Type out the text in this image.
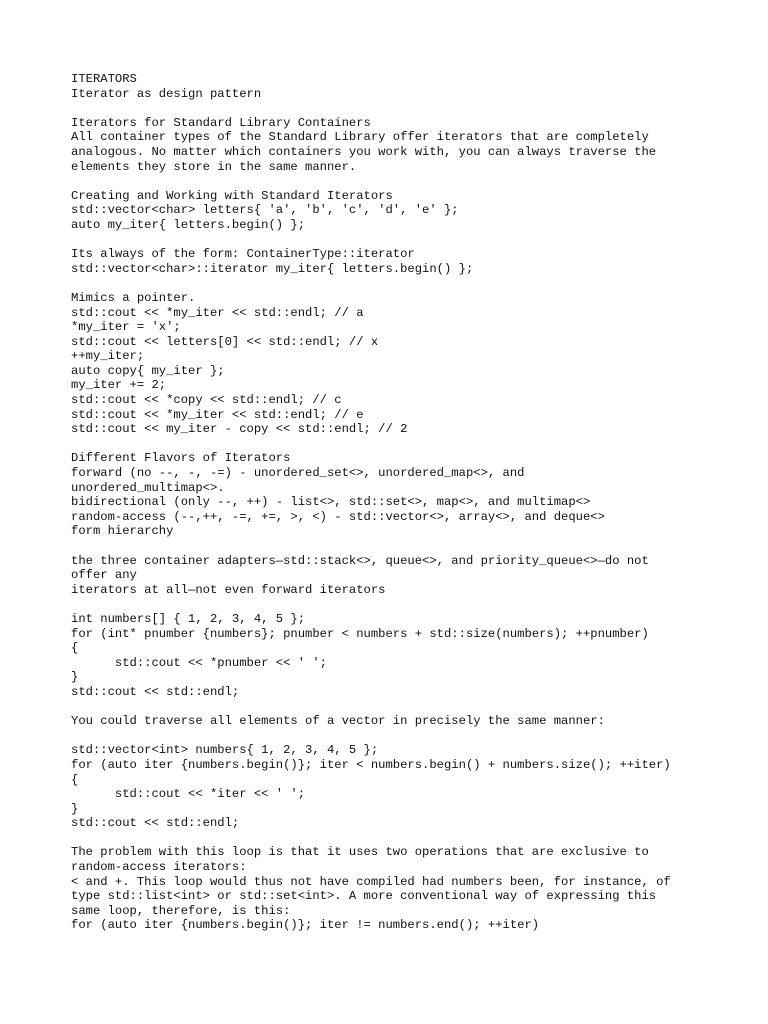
ITERATORS
Iterator as design pattern
Iterators for Standard Library Containers
All container types of the Standard Library offer iterators that are completely
analogous. No matter which containers you work with, you can always traverse the
elements they store in the same manner.
Creating and Working with Standard Iterators
std::vector<char> letters{ 'a', 'b', 'c', 'd', 'e' };
auto my_iter{ letters.begin() };
Its always of the form: ContainerType::iterator
std::vector<char>::iterator my_iter{ letters.begin() };
Mimics a pointer.
std::cout << *my_iter << std::endl; // a
*my_iter = 'x';
std::cout << letters[0] << std::endl; // x
++my_iter;
auto copy{ my_iter };
my_iter += 2;
std::cout << *copy << std::endl; // c
std::cout << *my_iter << std::endl; // e
std::cout << my_iter - copy << std::endl; // 2
Different Flavors of Iterators
forward (no --, -, -=) - unordered_set<>, unordered_map<>, and
unordered_multimap<>.
bidirectional (only --, ++) - list<>, std::set<>, map<>, and multimap<>
random-access (--,++, -=, +=, >, <) - std::vector<>, array<>, and deque<>
form hierarchy
the three container adapters—std::stack<>, queue<>, and priority_queue<>—do not
offer any
iterators at all—not even forward iterators
int numbers[] { 1, 2, 3, 4, 5 };
for (int* pnumber {numbers}; pnumber < numbers + std::size(numbers); ++pnumber)
{
std::cout << *pnumber << ' ';
}
std::cout << std::endl;
You could traverse all elements of a vector in precisely the same manner:
std::vector<int> numbers{ 1, 2, 3, 4, 5 };
for (auto iter {numbers.begin()}; iter < numbers.begin() + numbers.size(); ++iter)
{
std::cout << *iter << ' ';
}
std::cout << std::endl;
The problem with this loop is that it uses two operations that are exclusive to
random-access iterators:
< and +. This loop would thus not have compiled had numbers been, for instance, of
type std::list<int> or std::set<int>. A more conventional way of expressing this
same loop, therefore, is this:
for (auto iter {numbers.begin()}; iter != numbers.end(); ++iter)
